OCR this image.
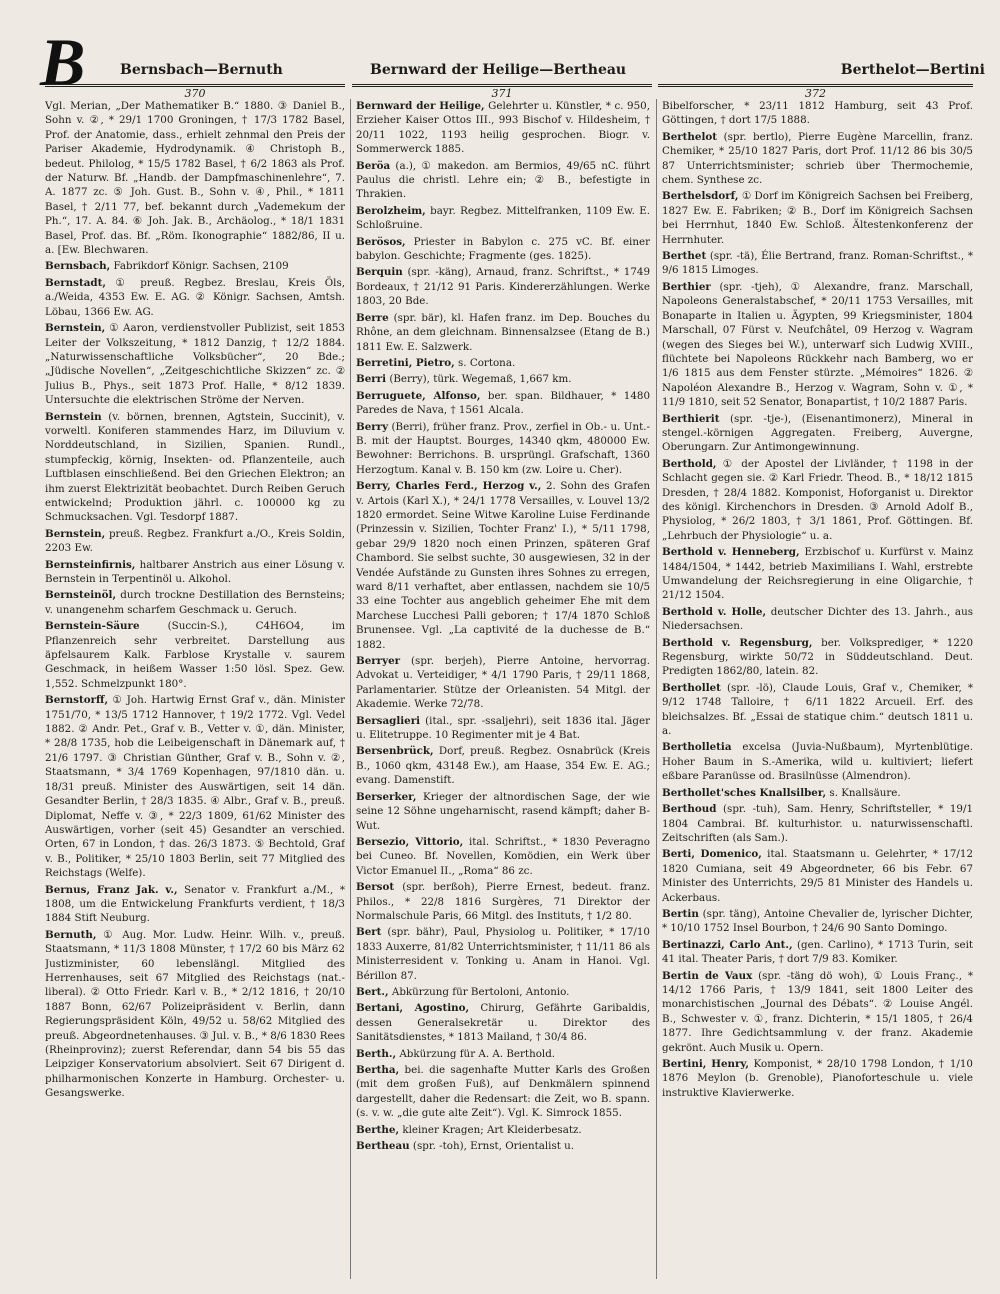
B Bernsbach—Bernuth	Bernward der Heilige—Bertheau	Berthelot—Bertini
370	371	372

Vgl. Merian, „Der Mathematiker B.“ 1880. ③ Daniel B., Sohn v. ②, * 29/1 1700 Groningen, † 17/3 1782 Basel, Prof. der Anatomie, dass., erhielt zehnmal den Preis der Pariser Akademie, Hydrodynamik. ④ Christoph B., bedeut. Philolog, * 15/5 1782 Basel, † 6/2 1863 als Prof. der Naturw. Bf. „Handb. der Dampfmaschinenlehre“, 7. A. 1877 zc. ⑤ Joh. Gust. B., Sohn v. ④, Phil., * 1811 Basel, † 2/11 77, bef. bekannt durch „Vademekum der Ph.“, 17. A. 84. ⑥ Joh. Jak. B., Archäolog., * 18/1 1831 Basel, Prof. das. Bf. „Röm. Ikonographie“ 1882/86, II u. a. [Ew. Blechwaren.

Bernsbach, Fabrikdorf Königr. Sachsen, 2109

Bernstadt, ① preuß. Regbez. Breslau, Kreis Öls, a./Weida, 4353 Ew. E. AG. ② Königr. Sachsen, Amtsh. Löbau, 1366 Ew. AG.

Bernstein, ① Aaron, verdienstvoller Publizist, seit 1853 Leiter der Volkszeitung, * 1812 Danzig, † 12/2 1884. „Naturwissenschaftliche Volksbücher“, 20 Bde.; „Jüdische Novellen“, „Zeitgeschichtliche Skizzen“ zc. ② Julius B., Phys., seit 1873 Prof. Halle, * 8/12 1839. Untersuchte die elektrischen Ströme der Nerven.

Bernstein (v. börnen, brennen, Agtstein, Succinit), v. vorweltl. Koniferen stammendes Harz, im Diluvium v. Norddeutschland, in Sizilien, Spanien. Rundl., stumpfeckig, körnig, Insekten- od. Pflanzenteile, auch Luftblasen einschließend. Bei den Griechen Elektron; an ihm zuerst Elektrizität beobachtet. Durch Reiben Geruch entwickelnd; Produktion jährl. c. 100000 kg zu Schmucksachen. Vgl. Tesdorpf 1887.

Bernstein, preuß. Regbez. Frankfurt a./O., Kreis Soldin, 2203 Ew.

Bernsteinfirnis, haltbarer Anstrich aus einer Lösung v. Bernstein in Terpentinöl u. Alkohol.

Bernsteinöl, durch trockne Destillation des Bernsteins; v. unangenehm scharfem Geschmack u. Geruch.

Bernstein-Säure	(Succin-S.), C4H6O4, im Pflanzenreich sehr verbreitet. Darstellung aus äpfelsaurem Kalk. Farblose Krystalle v. saurem Geschmack, in heißem Wasser 1:50 lösl. Spez. Gew. 1,552. Schmelzpunkt 180°.

Bernstorff, ① Joh. Hartwig Ernst Graf v., dän. Minister 1751/70, * 13/5 1712 Hannover, † 19/2 1772. Vgl. Vedel 1882. ② Andr. Pet., Graf v. B., Vetter v. ①, dän. Minister, * 28/8 1735, hob die Leibeigenschaft in Dänemark auf, † 21/6 1797. ③ Christian Günther, Graf v. B., Sohn v. ②, Staatsmann, * 3/4 1769 Kopenhagen, 97/1810 dän. u. 18/31 preuß. Minister des Auswärtigen, seit 14 dän. Gesandter Berlin, † 28/3 1835. ④ Albr., Graf v. B., preuß. Diplomat, Neffe v. ③, * 22/3 1809, 61/62 Minister des Auswärtigen, vorher (seit 45) Gesandter an verschied. Orten, 67 in London, † das. 26/3 1873. ⑤ Bechtold, Graf v. B., Politiker, * 25/10 1803 Berlin, seit 77 Mitglied des Reichstags (Welfe).

Bernus, Franz Jak. v., Senator v. Frankfurt a./M., * 1808, um die Entwickelung Frankfurts verdient, † 18/3 1884 Stift Neuburg.

Bernuth, ① Aug. Mor. Ludw. Heinr. Wilh. v., preuß. Staatsmann, * 11/3 1808 Münster, † 17/2 60 bis März 62 Justizminister, 60 lebenslängl. Mitglied des Herrenhauses, seit 67 Mitglied des Reichstags (nat.-liberal). ② Otto Friedr. Karl v. B., * 2/12 1816, † 20/10 1887 Bonn, 62/67 Polizeipräsident v. Berlin, dann Regierungspräsident Köln, 49/52 u. 58/62 Mitglied des preuß. Abgeordnetenhauses. ③ Jul. v. B., * 8/6 1830 Rees (Rheinprovinz); zuerst Referendar, dann 54 bis 55 das Leipziger Konservatorium absolviert. Seit 67 Dirigent d. philharmonischen Konzerte in Hamburg. Orchester- u. Gesangswerke.

Bernward der Heilige, Gelehrter u. Künstler, * c. 950, Erzieher Kaiser Ottos III., 993 Bischof v. Hildesheim, † 20/11 1022, 1193 heilig gesprochen. Biogr. v. Sommerwerck 1885.

Beröa (a.), ① makedon. am Bermios, 49/65 nC. führt Paulus die christl. Lehre ein; ② B., befestigte in Thrakien.

Berolzheim, bayr. Regbez. Mittelfranken, 1109 Ew. E. Schloßruine.

Berösos, Priester in Babylon c. 275 vC. Bf. einer babylon. Geschichte; Fragmente (ges. 1825).

Berquin (spr. -käng), Arnaud, franz. Schriftst., * 1749 Bordeaux, † 21/12 91 Paris. Kindererzählungen. Werke 1803, 20 Bde.

Berre (spr. bär), kl. Hafen franz. im Dep. Bouches du Rhône, an dem gleichnam. Binnensalzsee (Etang de B.) 1811 Ew. E. Salzwerk.

Berretini, Pietro, s. Cortona.

Berri (Berry), türk. Wegemaß, 1,667 km.

Berruguete, Alfonso, ber. span. Bildhauer, * 1480 Paredes de Nava, † 1561 Alcala.

Berry (Berri), früher franz. Prov., zerfiel in Ob.- u. Unt.-B. mit der Hauptst. Bourges, 14340 qkm, 480000 Ew. Bewohner: Berrichons. B. ursprüngl. Grafschaft, 1360 Herzogtum. Kanal v. B. 150 km (zw. Loire u. Cher).

Berry, Charles Ferd., Herzog v., 2. Sohn des Grafen v. Artois (Karl X.), * 24/1 1778 Versailles, v. Louvel 13/2 1820 ermordet. Seine Witwe Karoline Luise Ferdinande (Prinzessin v. Sizilien, Tochter Franz' I.), * 5/11 1798, gebar 29/9 1820 noch einen Prinzen, späteren Graf Chambord. Sie selbst suchte, 30 ausgewiesen, 32 in der Vendée Aufstände zu Gunsten ihres Sohnes zu erregen, ward 8/11 verhaftet, aber entlassen, nachdem sie 10/5 33 eine Tochter aus angeblich geheimer Ehe mit dem Marchese Lucchesi Palli geboren; † 17/4 1870 Schloß Brunensee. Vgl. „La captivité de la duchesse de B.“ 1882.

Berryer (spr. berjeh), Pierre Antoine, hervorrag. Advokat u. Verteidiger, * 4/1 1790 Paris, † 29/11 1868, Parlamentarier. Stütze der Orleanisten. 54 Mitgl. der Akademie. Werke 72/78.

Bersaglieri (ital., spr. -ssaljehri), seit 1836 ital. Jäger u. Elitetruppe. 10 Regimenter mit je 4 Bat.

Bersenbrück, Dorf, preuß. Regbez. Osnabrück (Kreis B., 1060 qkm, 43148 Ew.), am Haase, 354 Ew. E. AG.; evang. Damenstift.

Berserker, Krieger der altnordischen Sage, der wie seine 12 Söhne ungeharnischt, rasend kämpft; daher B-Wut.

Bersezio, Vittorio, ital. Schriftst., * 1830 Peveragno bei Cuneo. Bf. Novellen, Komödien, ein Werk über Victor Emanuel II., „Roma“ 86 zc.

Bersot (spr. berßoh), Pierre Ernest, bedeut. franz. Philos., * 22/8 1816 Surgères, 71 Direktor der Normalschule Paris, 66 Mitgl. des Instituts, † 1/2 80.

Bert (spr. bähr), Paul, Physiolog u. Politiker, * 17/10 1833 Auxerre, 81/82 Unterrichtsminister, † 11/11 86 als Ministerresident v. Tonking u. Anam in Hanoi. Vgl. Bérillon 87.

Bert., Abkürzung für Bertoloni, Antonio.

Bertani, Agostino, Chirurg, Gefährte Garibaldis, dessen Generalsekretär u. Direktor des Sanitätsdienstes, * 1813 Mailand, † 30/4 86.

Berth., Abkürzung für A. A. Berthold.

Bertha, bei. die sagenhafte Mutter Karls des Großen (mit dem großen Fuß), auf Denkmälern spinnend dargestellt, daher die Redensart: die Zeit, wo B. spann. (s. v. w. „die gute alte Zeit“). Vgl. K. Simrock 1855.

Berthe, kleiner Kragen; Art Kleiderbesatz.

Bertheau (spr. -toh), Ernst, Orientalist u.

Bibelforscher, * 23/11 1812 Hamburg, seit 43 Prof. Göttingen, † dort 17/5 1888.

Berthelot (spr. bertlo), Pierre Eugène Marcellin, franz. Chemiker, * 25/10 1827 Paris, dort Prof. 11/12 86 bis 30/5 87 Unterrichtsminister; schrieb über Thermochemie, chem. Synthese zc.

Berthelsdorf, ① Dorf im Königreich Sachsen bei Freiberg, 1827 Ew. E. Fabriken; ② B., Dorf im Königreich Sachsen bei Herrnhut, 1840 Ew. Schloß. Ältestenkonferenz der Herrnhuter.

Berthet (spr. -tä), Élie Bertrand, franz. Roman-Schriftst., * 9/6 1815 Limoges.

Berthier (spr. -tjeh), ① Alexandre, franz. Marschall, Napoleons Generalstabschef, * 20/11 1753 Versailles, mit Bonaparte in Italien u. Ägypten, 99 Kriegsminister, 1804 Marschall, 07 Fürst v. Neufchâtel, 09 Herzog v. Wagram (wegen des Sieges bei W.), unterwarf sich Ludwig XVIII., flüchtete bei Napoleons Rückkehr nach Bamberg, wo er 1/6 1815 aus dem Fenster stürzte. „Mémoires“ 1826. ② Napoléon Alexandre B., Herzog v. Wagram, Sohn v. ①, * 11/9 1810, seit 52 Senator, Bonapartist, † 10/2 1887 Paris.

Berthierit (spr. -tje-), (Eisenantimonerz), Mineral in stengel.-körnigen Aggregaten. Freiberg, Auvergne, Oberungarn. Zur Antimongewinnung.

Berthold, ① der Apostel der Livländer, † 1198 in der Schlacht gegen sie. ② Karl Friedr. Theod. B., * 18/12 1815 Dresden, † 28/4 1882. Komponist, Hoforganist u. Direktor des königl. Kirchenchors in Dresden. ③ Arnold Adolf B., Physiolog, * 26/2 1803, † 3/1 1861, Prof. Göttingen. Bf. „Lehrbuch der Physiologie“ u. a.

Berthold v. Henneberg, Erzbischof u. Kurfürst v. Mainz 1484/1504, * 1442, betrieb Maximilians I. Wahl, erstrebte Umwandelung der Reichsregierung in eine Oligarchie, † 21/12 1504.

Berthold v. Holle, deutscher Dichter des 13. Jahrh., aus Niedersachsen.

Berthold v. Regensburg, ber. Volksprediger, * 1220 Regensburg, wirkte 50/72 in Süddeutschland. Deut. Predigten 1862/80, latein. 82.

Berthollet (spr. -lö), Claude Louis, Graf v., Chemiker, * 9/12 1748 Talloire, † 6/11 1822 Arcueil. Erf. des bleichsalzes. Bf. „Essai de statique chim.“ deutsch 1811 u. a.

Bertholletia excelsa (Juvia-Nußbaum), Myrtenblütige. Hoher Baum in S.-Amerika, wild u. kultiviert; liefert eßbare Paranüsse od. Brasilnüsse (Almendron).

Berthollet'sches Knallsilber, s. Knallsäure.

Berthoud (spr. -tuh), Sam. Henry, Schriftsteller, * 19/1 1804 Cambrai. Bf. kulturhistor. u. naturwissenschaftl. Zeitschriften (als Sam.).

Berti, Domenico, ital. Staatsmann u. Gelehrter, * 17/12 1820 Cumiana, seit 49 Abgeordneter, 66 bis Febr. 67 Minister des Unterrichts, 29/5 81 Minister des Handels u. Ackerbaus.

Bertin (spr. täng), Antoine Chevalier de, lyrischer Dichter, * 10/10 1752 Insel Bourbon, † 24/6 90 Santo Domingo.

Bertinazzi, Carlo Ant., (gen. Carlino), * 1713 Turin, seit 41 ital. Theater Paris, † dort 7/9 83. Komiker.

Bertin de Vaux (spr. -täng dö woh), ① Louis Franç., * 14/12 1766 Paris, † 13/9 1841, seit 1800 Leiter des monarchistischen „Journal des Débats“. ② Louise Angél. B., Schwester v. ①, franz. Dichterin, * 15/1 1805, † 26/4 1877. Ihre Gedichtsammlung v. der franz. Akademie gekrönt. Auch Musik u. Opern.

Bertini, Henry, Komponist, * 28/10 1798 London, † 1/10 1876 Meylon (b. Grenoble), Pianoforteschule u. viele instruktive Klavierwerke.
